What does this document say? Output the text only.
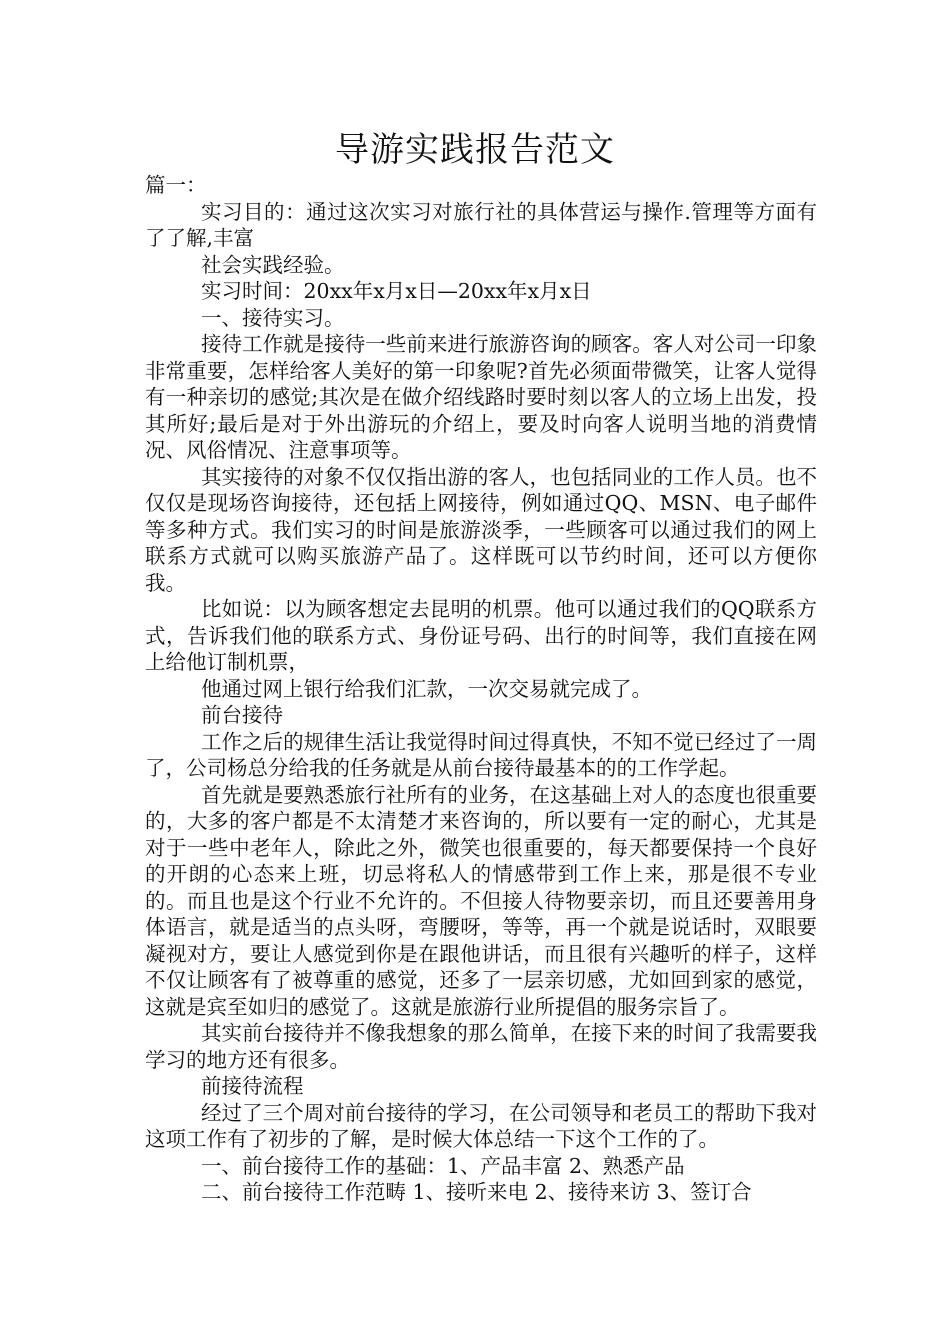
导游实践报告范文

篇一：

实习目的：通过这次实习对旅行社的具体营运与操作.管理等方面有了了解,丰富

社会实践经验。

实习时间：20xx年x月x日—20xx年x月x日

一、接待实习。

接待工作就是接待一些前来进行旅游咨询的顾客。客人对公司一印象非常重要，怎样给客人美好的第一印象呢?首先必须面带微笑，让客人觉得有一种亲切的感觉;其次是在做介绍线路时要时刻以客人的立场上出发，投其所好;最后是对于外出游玩的介绍上，要及时向客人说明当地的消费情况、风俗情况、注意事项等。

其实接待的对象不仅仅指出游的客人，也包括同业的工作人员。也不仅仅是现场咨询接待，还包括上网接待，例如通过QQ、MSN、电子邮件等多种方式。我们实习的时间是旅游淡季，一些顾客可以通过我们的网上联系方式就可以购买旅游产品了。这样既可以节约时间，还可以方便你我。

比如说：以为顾客想定去昆明的机票。他可以通过我们的QQ联系方式，告诉我们他的联系方式、身份证号码、出行的时间等，我们直接在网上给他订制机票，

他通过网上银行给我们汇款，一次交易就完成了。

前台接待

工作之后的规律生活让我觉得时间过得真快，不知不觉已经过了一周了，公司杨总分给我的任务就是从前台接待最基本的的工作学起。

首先就是要熟悉旅行社所有的业务，在这基础上对人的态度也很重要的，大多的客户都是不太清楚才来咨询的，所以要有一定的耐心，尤其是对于一些中老年人，除此之外，微笑也很重要的，每天都要保持一个良好的开朗的心态来上班，切忌将私人的情感带到工作上来，那是很不专业的。而且也是这个行业不允许的。不但接人待物要亲切，而且还要善用身体语言，就是适当的点头呀，弯腰呀，等等，再一个就是说话时，双眼要凝视对方，要让人感觉到你是在跟他讲话，而且很有兴趣听的样子，这样不仅让顾客有了被尊重的感觉，还多了一层亲切感，尤如回到家的感觉，这就是宾至如归的感觉了。这就是旅游行业所提倡的服务宗旨了。

其实前台接待并不像我想象的那么简单，在接下来的时间了我需要我学习的地方还有很多。

前接待流程

经过了三个周对前台接待的学习，在公司领导和老员工的帮助下我对这项工作有了初步的了解，是时候大体总结一下这个工作的了。

一、前台接待工作的基础：1、产品丰富 2、熟悉产品

二、前台接待工作范畴 1、接听来电 2、接待来访 3、签订合
